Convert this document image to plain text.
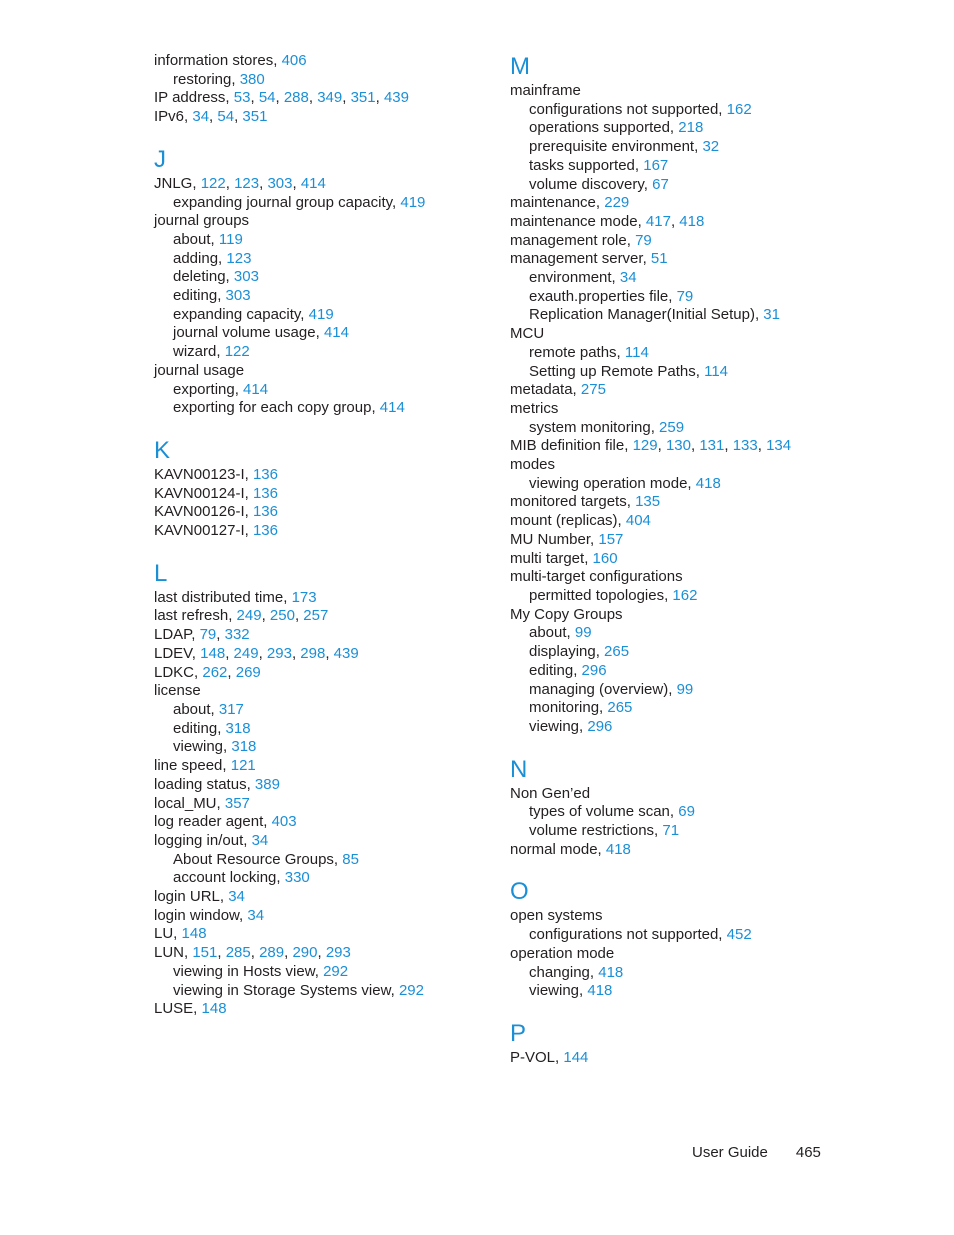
information stores, 406
restoring, 380
IP address, 53, 54, 288, 349, 351, 439
IPv6, 34, 54, 351
J
JNLG, 122, 123, 303, 414
expanding journal group capacity, 419
journal groups
about, 119
adding, 123
deleting, 303
editing, 303
expanding capacity, 419
journal volume usage, 414
wizard, 122
journal usage
exporting, 414
exporting for each copy group, 414
K
KAVN00123-I, 136
KAVN00124-I, 136
KAVN00126-I, 136
KAVN00127-I, 136
L
last distributed time, 173
last refresh, 249, 250, 257
LDAP, 79, 332
LDEV, 148, 249, 293, 298, 439
LDKC, 262, 269
license
about, 317
editing, 318
viewing, 318
line speed, 121
loading status, 389
local_MU, 357
log reader agent, 403
logging in/out, 34
About Resource Groups, 85
account locking, 330
login URL, 34
login window, 34
LU, 148
LUN, 151, 285, 289, 290, 293
viewing in Hosts view, 292
viewing in Storage Systems view, 292
LUSE, 148
M
mainframe
configurations not supported, 162
operations supported, 218
prerequisite environment, 32
tasks supported, 167
volume discovery, 67
maintenance, 229
maintenance mode, 417, 418
management role, 79
management server, 51
environment, 34
exauth.properties file, 79
Replication Manager(Initial Setup), 31
MCU
remote paths, 114
Setting up Remote Paths, 114
metadata, 275
metrics
system monitoring, 259
MIB definition file, 129, 130, 131, 133, 134
modes
viewing operation mode, 418
monitored targets, 135
mount (replicas), 404
MU Number, 157
multi target, 160
multi-target configurations
permitted topologies, 162
My Copy Groups
about, 99
displaying, 265
editing, 296
managing (overview), 99
monitoring, 265
viewing, 296
N
Non Gen’ed
types of volume scan, 69
volume restrictions, 71
normal mode, 418
O
open systems
configurations not supported, 452
operation mode
changing, 418
viewing, 418
P
P-VOL, 144
User Guide 465
